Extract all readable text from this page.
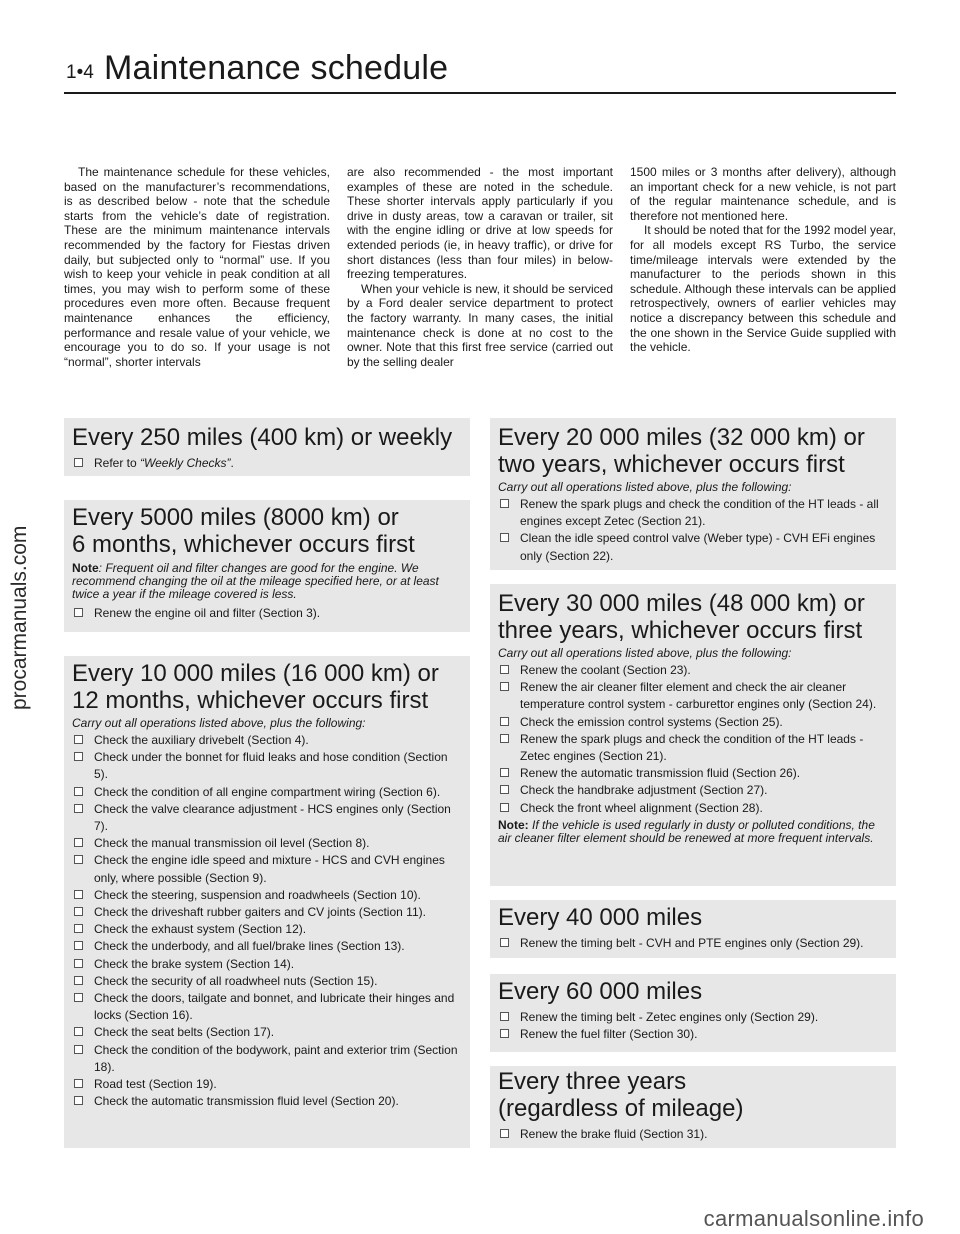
1•4 Maintenance schedule
procarmanuals.com

The maintenance schedule for these vehicles, based on the manufacturer’s recommendations, is as described below - note that the schedule starts from the vehicle’s date of registration. These are the minimum maintenance intervals recommended by the factory for Fiestas driven daily, but subjected only to “normal” use. If you wish to keep your vehicle in peak condition at all times, you may wish to perform some of these procedures even more often. Because frequent maintenance enhances the efficiency, performance and resale value of your vehicle, we encourage you to do so. If your usage is not “normal”, shorter intervals

are also recommended - the most important examples of these are noted in the schedule. These shorter intervals apply particularly if you drive in dusty areas, tow a caravan or trailer, sit with the engine idling or drive at low speeds for extended periods (ie, in heavy traffic), or drive for short distances (less than four miles) in below-freezing temperatures.

When your vehicle is new, it should be serviced by a Ford dealer service department to protect the factory warranty. In many cases, the initial maintenance check is done at no cost to the owner. Note that this first free service (carried out by the selling dealer

1500 miles or 3 months after delivery), although an important check for a new vehicle, is not part of the regular maintenance schedule, and is therefore not mentioned here.

It should be noted that for the 1992 model year, for all models except RS Turbo, the service time/mileage intervals were extended by the manufacturer to the periods shown in this schedule. Although these intervals can be applied retrospectively, owners of earlier vehicles may notice a discrepancy between this schedule and the one shown in the Service Guide supplied with the vehicle.

Every 250 miles (400 km) or weekly
Refer to “Weekly Checks”.
Every 5000 miles (8000 km) or
6 months, whichever occurs first
Note: Frequent oil and filter changes are good for the engine. We recommend changing the oil at the mileage specified here, or at least twice a year if the mileage covered is less.
Renew the engine oil and filter (Section 3).
Every 10 000 miles (16 000 km) or
12 months, whichever occurs first
Carry out all operations listed above, plus the following:
Check the auxiliary drivebelt (Section 4).
Check under the bonnet for fluid leaks and hose condition (Section 5).
Check the condition of all engine compartment wiring (Section 6).
Check the valve clearance adjustment - HCS engines only (Section 7).
Check the manual transmission oil level (Section 8).
Check the engine idle speed and mixture - HCS and CVH engines only, where possible (Section 9).
Check the steering, suspension and roadwheels (Section 10).
Check the driveshaft rubber gaiters and CV joints (Section 11).
Check the exhaust system (Section 12).
Check the underbody, and all fuel/brake lines (Section 13).
Check the brake system (Section 14).
Check the security of all roadwheel nuts (Section 15).
Check the doors, tailgate and bonnet, and lubricate their hinges and locks (Section 16).
Check the seat belts (Section 17).
Check the condition of the bodywork, paint and exterior trim (Section 18).
Road test (Section 19).
Check the automatic transmission fluid level (Section 20).
Every 20 000 miles (32 000 km) or
two years, whichever occurs first
Carry out all operations listed above, plus the following:
Renew the spark plugs and check the condition of the HT leads - all engines except Zetec (Section 21).
Clean the idle speed control valve (Weber type) - CVH EFi engines only (Section 22).
Every 30 000 miles (48 000 km) or
three years, whichever occurs first
Carry out all operations listed above, plus the following:
Renew the coolant (Section 23).
Renew the air cleaner filter element and check the air cleaner temperature control system - carburettor engines only (Section 24).
Check the emission control systems (Section 25).
Renew the spark plugs and check the condition of the HT leads - Zetec engines (Section 21).
Renew the automatic transmission fluid (Section 26).
Check the handbrake adjustment (Section 27).
Check the front wheel alignment (Section 28).
Note: If the vehicle is used regularly in dusty or polluted conditions, the air cleaner filter element should be renewed at more frequent intervals.
Every 40 000 miles
Renew the timing belt - CVH and PTE engines only (Section 29).
Every 60 000 miles
Renew the timing belt - Zetec engines only (Section 29).
Renew the fuel filter (Section 30).
Every three years
(regardless of mileage)
Renew the brake fluid (Section 31).
carmanualsonline.info
